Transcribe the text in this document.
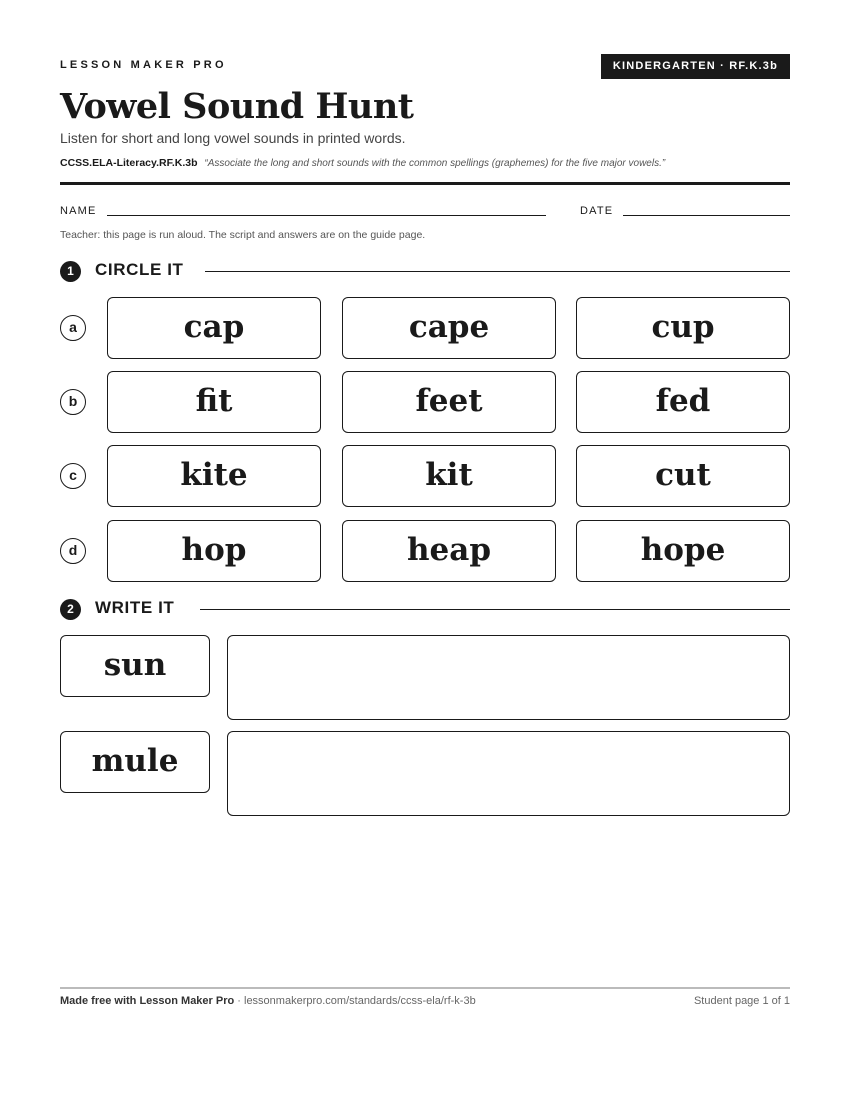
LESSON MAKER PRO	KINDERGARTEN · RF.K.3b
Vowel Sound Hunt
Listen for short and long vowel sounds in printed words.
CCSS.ELA-Literacy.RF.K.3b “Associate the long and short sounds with the common spellings (graphemes) for the five major vowels.”
NAME	DATE
Teacher: this page is run aloud. The script and answers are on the guide page.
1	CIRCLE IT
a	cap	cape	cup
b	fit	feet	fed
c	kite	kit	cut
d	hop	heap	hope
2	WRITE IT
sun
mule
Made free with Lesson Maker Pro · lessonmakerpro.com/standards/ccss-ela/rf-k-3b	Student page 1 of 1
